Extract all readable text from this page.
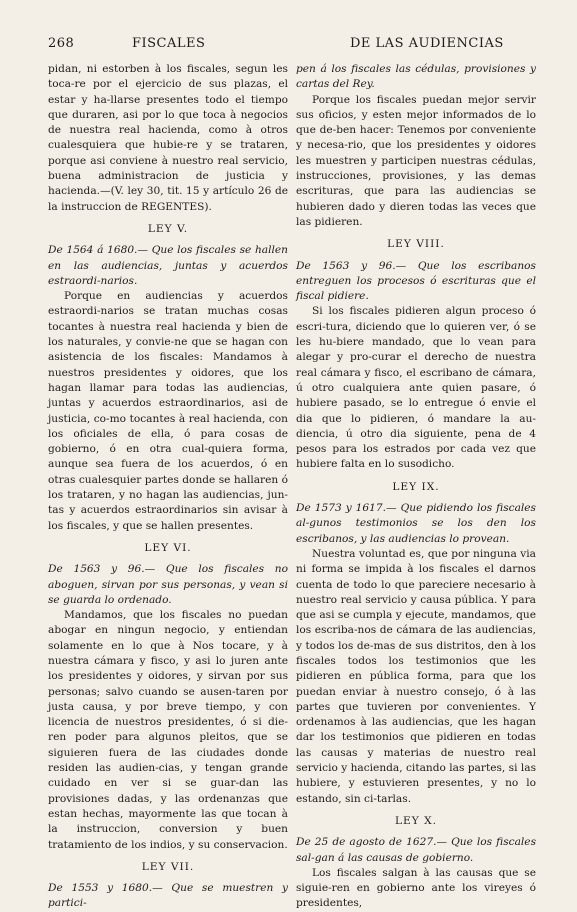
268	FISCALES	DE LAS AUDIENCIAS

pidan, ni estorben à los fiscales, segun les toca-re por el ejercicio de sus plazas, el estar y ha-llarse presentes todo el tiempo que duraren, asi por lo que toca à negocios de nuestra real hacienda, como à otros cualesquiera que hubie-re y se trataren, porque asi conviene à nuestro real servicio, buena administracion de justicia y hacienda.—(V. ley 30, tit. 15 y artículo 26 de la instruccion de REGENTES).

LEY V.

De 1564 á 1680.— Que los fiscales se hallen en las audiencias, juntas y acuerdos estraordi-narios.

Porque en audiencias y acuerdos estraordi-narios se tratan muchas cosas tocantes à nuestra real hacienda y bien de los naturales, y convie-ne que se hagan con asistencia de los fiscales: Mandamos à nuestros presidentes y oidores, que los hagan llamar para todas las audiencias, juntas y acuerdos estraordinarios, asi de justicia, co-mo tocantes à real hacienda, con los oficiales de ella, ó para cosas de gobierno, ó en otra cual-quiera forma, aunque sea fuera de los acuerdos, ó en otras cualesquier partes donde se hallaren ó los trataren, y no hagan las audiencias, jun-tas y acuerdos estraordinarios sin avisar à los fiscales, y que se hallen presentes.

LEY VI.

De 1563 y 96.— Que los fiscales no aboguen, sirvan por sus personas, y vean si se guarda lo ordenado.

Mandamos, que los fiscales no puedan abogar en ningun negocio, y entiendan solamente en lo que à Nos tocare, y à nuestra cámara y fisco, y asi lo juren ante los presidentes y oidores, y sirvan por sus personas; salvo cuando se ausen-taren por justa causa, y por breve tiempo, y con licencia de nuestros presidentes, ó si die-ren poder para algunos pleitos, que se siguieren fuera de las ciudades donde residen las audien-cias, y tengan grande cuidado en ver si se guar-dan las provisiones dadas, y las ordenanzas que estan hechas, mayormente las que tocan à la instruccion, conversion y buen tratamiento de los indios, y su conservacion.

LEY VII.

De 1553 y 1680.— Que se muestren y partici-

pen á los fiscales las cédulas, provisiones y cartas del Rey.

Porque los fiscales puedan mejor servir sus oficios, y esten mejor informados de lo que de-ben hacer: Tenemos por conveniente y necesa-rio, que los presidentes y oidores les muestren y participen nuestras cédulas, instrucciones, provisiones, y las demas escrituras, que para las audiencias se hubieren dado y dieren todas las veces que las pidieren.

LEY VIII.

De 1563 y 96.— Que los escribanos entreguen los procesos ó escrituras que el fiscal pidiere.

Si los fiscales pidieren algun proceso ó escri-tura, diciendo que lo quieren ver, ó se les hu-biere mandado, que lo vean para alegar y pro-curar el derecho de nuestra real cámara y fisco, el escribano de cámara, ú otro cualquiera ante quien pasare, ó hubiere pasado, se lo entregue ó envie el dia que lo pidieren, ó mandare la au-diencia, ú otro dia siguiente, pena de 4 pesos para los estrados por cada vez que hubiere falta en lo susodicho.

LEY IX.

De 1573 y 1617.— Que pidiendo los fiscales al-gunos testimonios se los den los escribanos, y las audiencias lo provean.

Nuestra voluntad es, que por ninguna via ni forma se impida à los fiscales el darnos cuenta de todo lo que pareciere necesario à nuestro real servicio y causa pública. Y para que asi se cumpla y ejecute, mandamos, que los escriba-nos de cámara de las audiencias, y todos los de-mas de sus distritos, den à los fiscales todos los testimonios que les pidieren en pública forma, para que los puedan enviar à nuestro consejo, ó à las partes que tuvieren por convenientes. Y ordenamos à las audiencias, que les hagan dar los testimonios que pidieren en todas las causas y materias de nuestro real servicio y hacienda, citando las partes, si las hubiere, y estuvieren presentes, y no lo estando, sin ci-tarlas.

LEY X.

De 25 de agosto de 1627.— Que los fiscales sal-gan á las causas de gobierno.

Los fiscales salgan à las causas que se siguie-ren en gobierno ante los vireyes ó presidentes,
